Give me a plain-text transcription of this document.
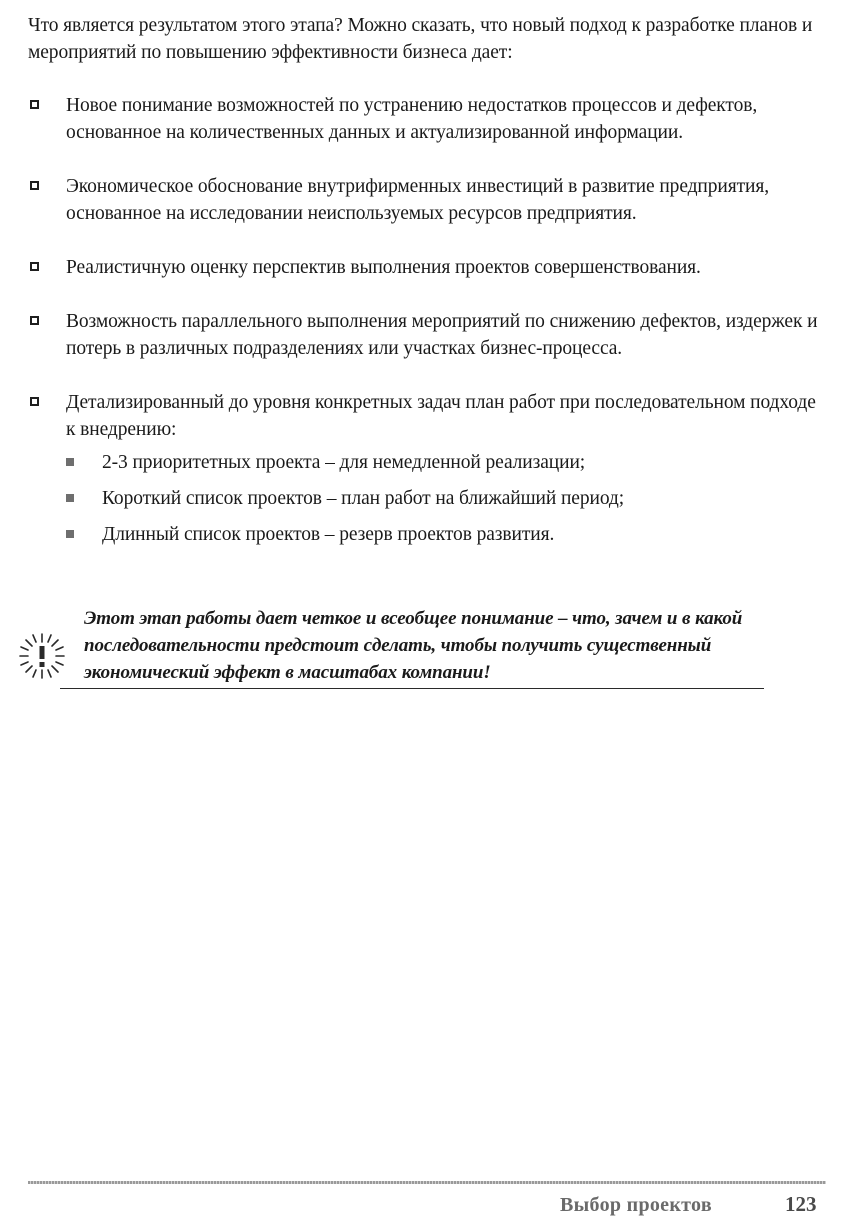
Что является результатом этого этапа? Можно сказать, что новый подход к разработке планов и мероприятий по повышению эффективности бизнеса дает:

Новое понимание возможностей по устранению недостатков процессов и дефектов, основанное на количественных данных и актуализированной информации.
Экономическое обоснование внутрифирменных инвестиций в развитие предприятия, основанное на исследовании неиспользуемых ресурсов предприятия.
Реалистичную оценку перспектив выполнения проектов совершенствования.
Возможность параллельного выполнения мероприятий по снижению дефектов, издержек и потерь в различных подразделениях или участках бизнес-процесса.
Детализированный до уровня конкретных задач план работ при последовательном подходе к внедрению:
2-3 приоритетных проекта – для немедленной реализации;
Короткий список проектов – план работ на ближайший период;
Длинный список проектов – резерв проектов развития.

Этот этап работы дает четкое и всеобщее понимание – что, зачем и в какой последовательности предстоит сделать, чтобы получить существенный экономический эффект в масштабах компании!

Выбор проектов	123
